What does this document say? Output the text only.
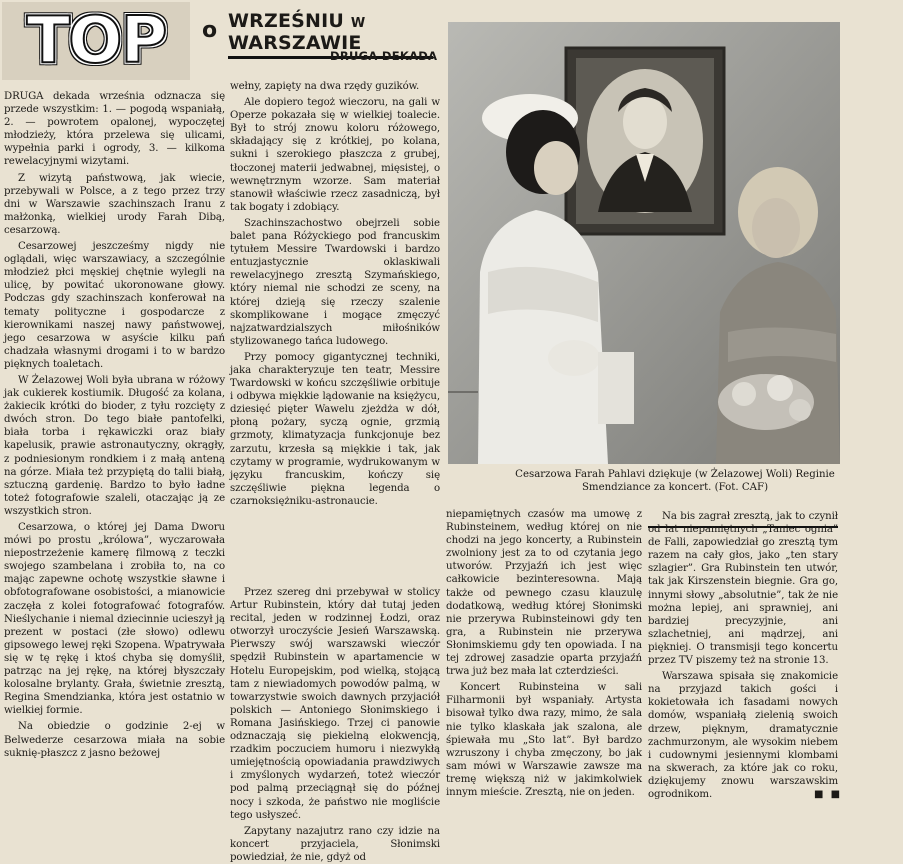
TOP	o WRZEŚNIU W WARSZAWIE
DRUGA DEKADA

DRUGA dekada września odznacza się przede wszystkim: 1. — pogodą wspaniałą, 2. — powrotem opalonej, wypoczętej młodzieży, która przelewa się ulicami, wypełnia parki i ogrody, 3. — kilkoma rewelacyjnymi wizytami.

Z wizytą państwową, jak wiecie, przebywali w Polsce, a z tego przez trzy dni w Warszawie szachinszach Iranu z małżonką, wielkiej urody Farah Dibą, cesarzową.

Cesarzowej jeszcześmy nigdy nie oglądali, więc warszawiacy, a szczególnie młodzież płci męskiej chętnie wylegli na ulicę, by powitać ukoronowane głowy. Podczas gdy szachinszach konferował na tematy polityczne i gospodarcze z kierownikami naszej nawy państwowej, jego cesarzowa w asyście kilku pań chadzała własnymi drogami i to w bardzo pięknych toaletach.

W Żelazowej Woli była ubrana w różowy jak cukierek kostiumik. Długość za kolana, żakiecik krótki do bioder, z tyłu rozcięty z dwóch stron. Do tego białe pantofelki, biała torba i rękawiczki oraz biały kapelusik, prawie astronautyczny, okrągły, z podniesionym rondkiem i z małą anteną na górze. Miała też przypiętą do talii białą, sztuczną gardenię. Bardzo to było ładne toteż fotografowie szaleli, otaczając ją ze wszystkich stron.

Cesarzowa, o której jej Dama Dworu mówi po prostu „królowa”, wyczarowała niepostrzeżenie kamerę filmową z teczki swojego szambelana i zrobiła to, na co mając zapewne ochotę wszystkie sławne i obfotografowane osobistości, a mianowicie zaczęła z kolei fotografować fotografów. Nieślychanie i niemal dziecinnie ucieszył ją prezent w postaci (złe słowo) odlewu gipsowego lewej ręki Szopena. Wpatrywała się w tę rękę i ktoś chyba się domyślił, patrząc na jej rękę, na której błyszczały kolosalne brylanty. Grała, świetnie zresztą, Regina Smendzianka, która jest ostatnio w wielkiej formie.

Na obiedzie o godzinie 2-ej w Belwederze cesarzowa miała na sobie suknię-płaszcz z jasno beżowej

wełny, zapięty na dwa rzędy guzików.

Ale dopiero tegoż wieczoru, na gali w Operze pokazała się w wielkiej toalecie. Był to strój znowu koloru różowego, składający się z krótkiej, po kolana, sukni i szerokiego płaszcza z grubej, tłoczonej materii jedwabnej, mięsistej, o wewnętrznym wzorze. Sam materiał stanowił właściwie rzecz zasadniczą, był tak bogaty i zdobiący.

Szachinszachostwo obejrzeli sobie balet pana Różyckiego pod francuskim tytułem Messire Twardowski i bardzo entuzjastycznie oklaskiwali rewelacyjnego zresztą Szymańskiego, który niemal nie schodzi ze sceny, na której dzieją się rzeczy szalenie skomplikowane i mogące zmęczyć najzatwardzialszych miłośników stylizowanego tańca ludowego.

Przy pomocy gigantycznej techniki, jaka charakteryzuje ten teatr, Messire Twardowski w końcu szczęśliwie orbituje i odbywa miękkie lądowanie na księżycu, dziesięć pięter Wawelu zjeżdża w dół, płoną pożary, syczą ognie, grzmią grzmoty, klimatyzacja funkcjonuje bez zarzutu, krzesła są miękkie i tak, jak czytamy w programie, wydrukowanym w języku francuskim, kończy się szczęśliwie piękna legenda o czarnoksiężniku-astronaucie.

Przez szereg dni przebywał w stolicy Artur Rubinstein, który dał tutaj jeden recital, jeden w rodzinnej Łodzi, oraz otworzył uroczyście Jesień Warszawską. Pierwszy swój warszawski wieczór spędził Rubinstein w apartamencie w Hotelu Europejskim, pod wielką, stojącą tam z niewiadomych powodów palmą, w towarzystwie swoich dawnych przyjaciół polskich — Antoniego Słonimskiego i Romana Jasińskiego. Trzej ci panowie odznaczają się piekielną elokwencją, rzadkim poczuciem humoru i niezwykłą umiejętnością opowiadania prawdziwych i zmyślonych wydarzeń, toteż wieczór pod palmą przeciągnął się do późnej nocy i szkoda, że państwo nie mogliście tego usłyszeć.

Zapytany nazajutrz rano czy idzie na koncert przyjaciela, Słonimski powiedział, że nie, gdyż od

Cesarzowa Farah Pahlavi dziękuje (w Żelazowej Woli) Reginie Smendziance za koncert. (Fot. CAF)

niepamiętnych czasów ma umowę z Rubinsteinem, według której on nie chodzi na jego koncerty, a Rubinstein zwolniony jest za to od czytania jego utworów. Przyjaźń ich jest więc całkowicie bezinteresowna. Mają także od pewnego czasu klauzulę dodatkową, według której Słonimski nie przerywa Rubinsteinowi gdy ten gra, a Rubinstein nie przerywa Słonimskiemu gdy ten opowiada. I na tej zdrowej zasadzie oparta przyjaźń trwa już bez mała lat czterdzieści.

Koncert Rubinsteina w sali Filharmonii był wspaniały. Artysta bisował tylko dwa razy, mimo, że sala nie tylko klaskała jak szalona, ale śpiewała mu „Sto lat”. Był bardzo wzruszony i chyba zmęczony, bo jak sam mówi w Warszawie zawsze ma tremę większą niż w jakimkolwiek innym mieście. Zresztą, nie on jeden.

Na bis zagrał zresztą, jak to czynił od lat niepamiętnych „Taniec ognia” de Falli, zapowiedział go zresztą tym razem na cały głos, jako „ten stary szlagier”. Gra Rubinstein ten utwór, tak jak Kirszenstein biegnie. Gra go, innymi słowy „absolutnie”, tak że nie można lepiej, ani sprawniej, ani bardziej precyzyjnie, ani szlachetniej, ani mądrzej, ani piękniej. O transmisji tego koncertu przez TV piszemy też na stronie 13.

Warszawa spisała się znakomicie na przyjazd takich gości i kokietowała ich fasadami nowych domów, wspaniałą zielenią swoich drzew, pięknym, dramatycznie zachmurzonym, ale wysokim niebem i cudownymi jesiennymi klombami na skwerach, za które jak co roku, dziękujemy znowu warszawskim ogrodnikom.	■ ■
